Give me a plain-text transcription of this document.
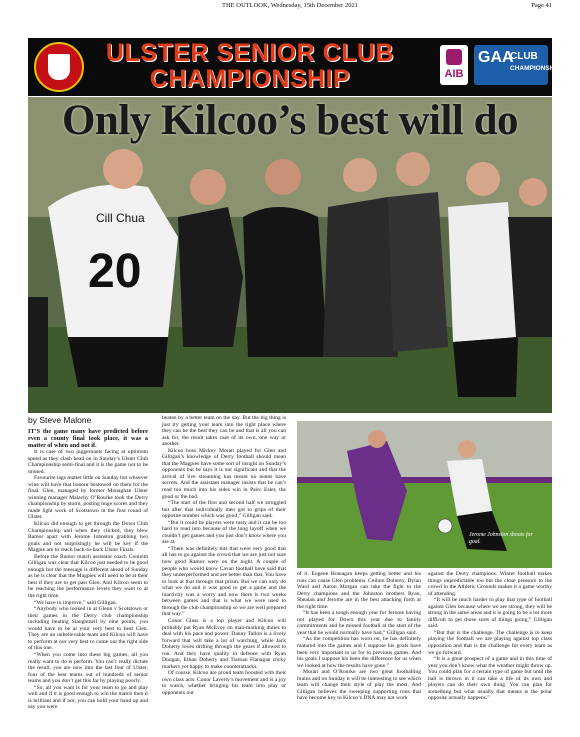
THE OUTLOOK, Wednesday, 15th December 2021	Page 41
ULSTER SENIOR CLUB
CHAMPIONSHIP	AIB
GAA
CLUB
CHAMPIONSHIPS
20
Cill Chua
Only Kilcoo’s best will do
by Steve Malone

IT’S the game many have predicted before even a county final took place, it was a matter of when and not if.

It is case of two juggernauts facing at optimum speed as they clash head on in Sunday’s Ulster Club Championship semi-final and it is the game not to be missed.

Favourite tags matter little on Sunday but whoever wine will have that honour bestowed on them for the final. Glen, managed by former Monaghan Ulster winning manager Malachy O’Rourke took the Derry championship by storm, posting huge scores and they made light work of Scotstown in the first round of Ulster.

Kilcoo did enough to get through the Down Club Championship and when they clicked, they blew Ramor apart with Jerome Johnston grabbing two goals and not surprisingly he will be key if the Magpie are to reach back-to-back Ulster Finals.

Before the Ramor match assistant coach Conleith Gilligan was clear that Kilcoo just needed to be good enough but the message is different ahead of Sunday as he is clear that the Magpies will need to be at their best if they are to get past Glen. And Kilcoo seem to be reaching the performance levels they want to at the right time.

“We have to improve,” said Gilligan.

“Anybody who looked in at Glenn v Scotstown or their games in the Derry club championship including beating Slaughtneil by nine points, you would have to be at your very best to beat Glen. They are an unbelievable team and Kilcoo will have to perform at our very best to come out the right side of this one.

“When you come into these big games, all you really want to do is perform. You can’t really dictate the result, you are now into the last four of Ulster, four of the best teams out of hundreds of senior teams and you don’t get this far by playing poorly.

“So, all you want is for your team to go and play well and if it is good enough to win the match then it is brilliant and if not, you can hold your hand up and say you were

beaten by a better team on the day. But the big thing is just try getting your team into the right place where they can be the best they can be and that is all you can ask for, the result takes care of its own, one way or another.

Kilcoo boss Mickey Moran played for Glen and Gilligan’s knowledge of Derry football should mean that the Magpies have some sort of insight on Sunday’s opponents but he says it is not significant and that the arrival of live streaming has meant no teams have secrets. And the assistant manager insists that he can’t read too much into his sides win in Pairc Esler, the good or the bad.

“The start of the first and second half we struggled but after that individually men got to grips of their opposite number which was good,” Gilligan said.

“But it could be players were rusty and it can be too hard to read into because of the long layoff when we couldn’t get games and you just don’t know where you are at.

“There was definitely bits that were very good that all has to go against the crowd that we are just not sure how good Ramor were on the night. A couple of people who would know Cavan football have said that they underperformed and are better than that. You have to look at that through that prism. But we can only do what we do and it was good to get a game and the inactivity was a worry and now there is two weeks between games and that is what we were used to through the club championship so we are well prepared that way.”

Conor Glass is a top player and Kilcoo will probably put Ryan McEvoy on man-marking duties to deal with his pace and power. Danny Tallon is a lively forward that will take a lot of watching, while Jack Doherty loves drifting through the gears if allowed to run. And they have quality in defence with Ryan Dougan, Ethan Doherty and Tiarnan Flanagan tricky markers yet happy to make counterattacks.

Of course, Kilcoo are proud team boosted with their own class acts. Conor Laverty’s movement and is a joy to watch, whether bringing his team into play or opponents out

Jerome Johnston shoots for goal.

of it. Eugene Branagan keeps getting better and his runs can cause Glen problems. Ceilum Doherty, Dylan Ward and Aaron Morgan can take the fight to the Derry champions and the Johnston brothers Ryan, Shealan and Jerome are in the best attacking form at the right time.

“It has been a tough enough year for Jerome having not played for Down this year due to family commitments and he missed football at the start of the year that he would normally have had,” Gilligan said.

“As the competition has worn on, he has definitely matured into the games and I suppose his goals have been very important to us for in previous games. And his goals I suppose his been the difference for us when we looked at how the results have gone.”

Moran and O’Rourke are two great footballing brains and on Sunday it will be interesting to see which team will change their style of play the most. And Gilligan believes the sweeping supporting runs that have become key to Kilcoo’s DNA may not work

against the Derry champions. Winter football makes things unpredictable too but the close pressure to the crowd in the Athletic Grounds makes it a game worthy of attending.

“It will be much harder to play that type of football against Glen because where we are strong, they will be strong in the same areas and it is going to be a lot more difficult to get those sorts of things going,” Gilligan said.

“But that is the challenge. The challenge is to keep playing the football we are playing against top class opposition and that is the challenge for every team as we go forward.

“It is a great prospect of a game and in this time of year you don’t know what the weather might throw up. You could plan for a certain type of game but until the ball is thrown in it can take a life of its own and players can do their own thing. You can plan for something but what usually that means is the polar opposite actually happens.”
